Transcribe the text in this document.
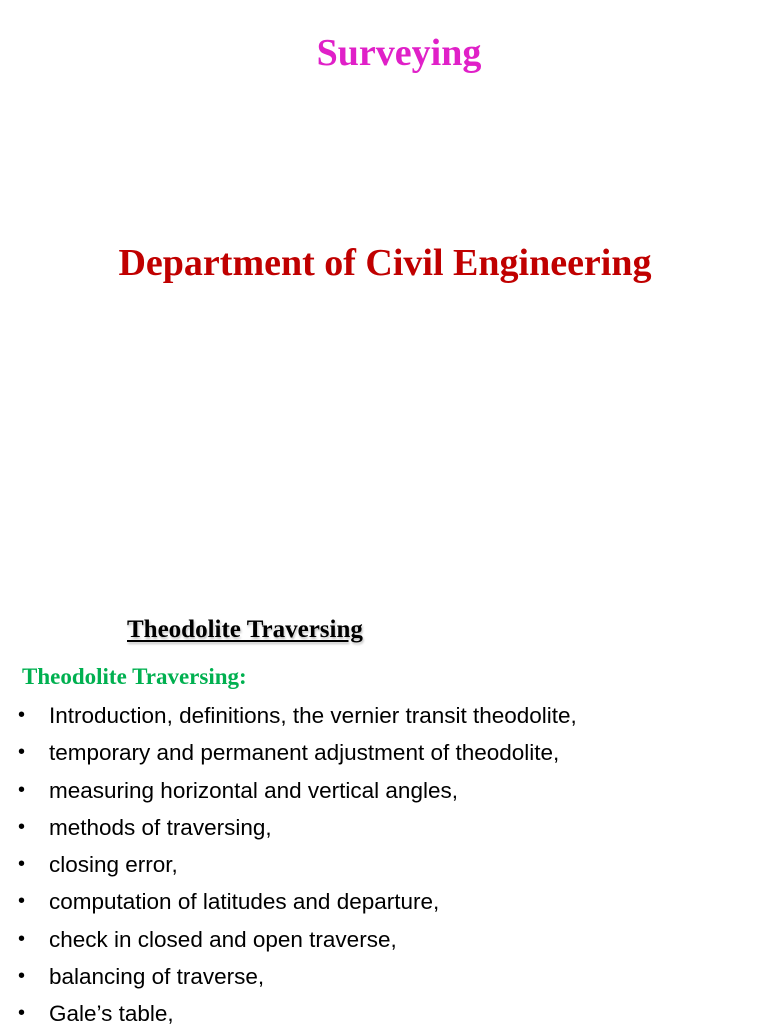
Surveying
Department of Civil Engineering
Theodolite Traversing
Theodolite Traversing:
• Introduction, definitions, the vernier transit theodolite,
• temporary and permanent adjustment of theodolite,
• measuring horizontal and vertical angles,
• methods of traversing,
• closing error,
• computation of latitudes and departure,
• check in closed and open traverse,
• balancing of traverse,
• Gale’s table,
